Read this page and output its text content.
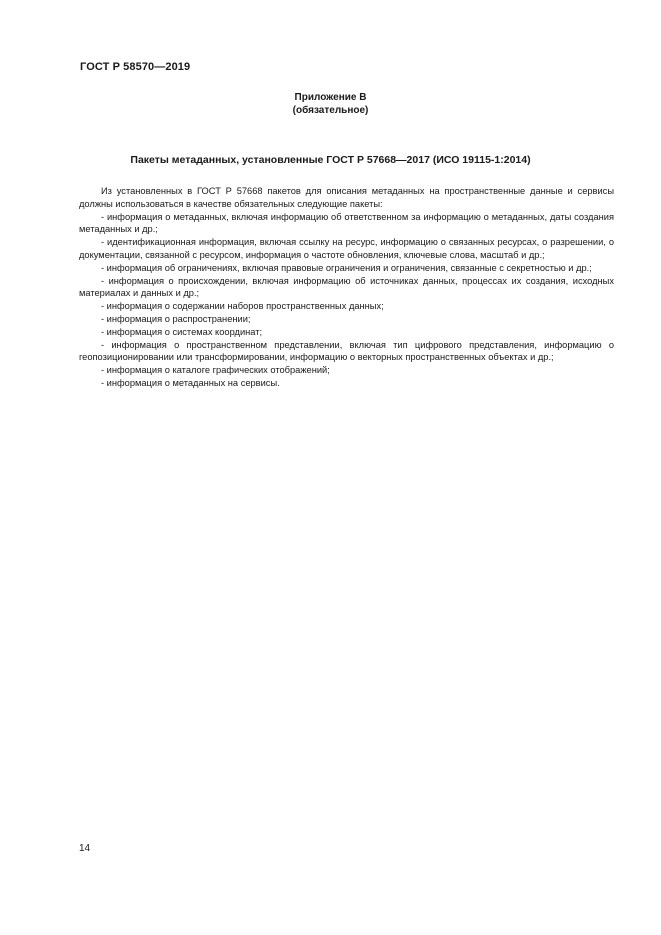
ГОСТ Р 58570—2019
Приложение В
(обязательное)
Пакеты метаданных, установленные ГОСТ Р 57668—2017 (ИСО 19115-1:2014)

Из установленных в ГОСТ Р 57668 пакетов для описания метаданных на пространственные данные и сервисы должны использоваться в качестве обязательных следующие пакеты:

- информация о метаданных, включая информацию об ответственном за информацию о метаданных, даты создания метаданных и др.;

- идентификационная информация, включая ссылку на ресурс, информацию о связанных ресурсах, о разрешении, о документации, связанной с ресурсом, информация о частоте обновления, ключевые слова, масштаб и др.;

- информация об ограничениях, включая правовые ограничения и ограничения, связанные с секретностью и др.;

- информация о происхождении, включая информацию об источниках данных, процессах их создания, исходных материалах и данных и др.;

- информация о содержании наборов пространственных данных;

- информация о распространении;

- информация о системах координат;

- информация о пространственном представлении, включая тип цифрового представления, информацию о геопозиционировании или трансформировании, информацию о векторных пространственных объектах и др.;

- информация о каталоге графических отображений;

- информация о метаданных на сервисы.

14
